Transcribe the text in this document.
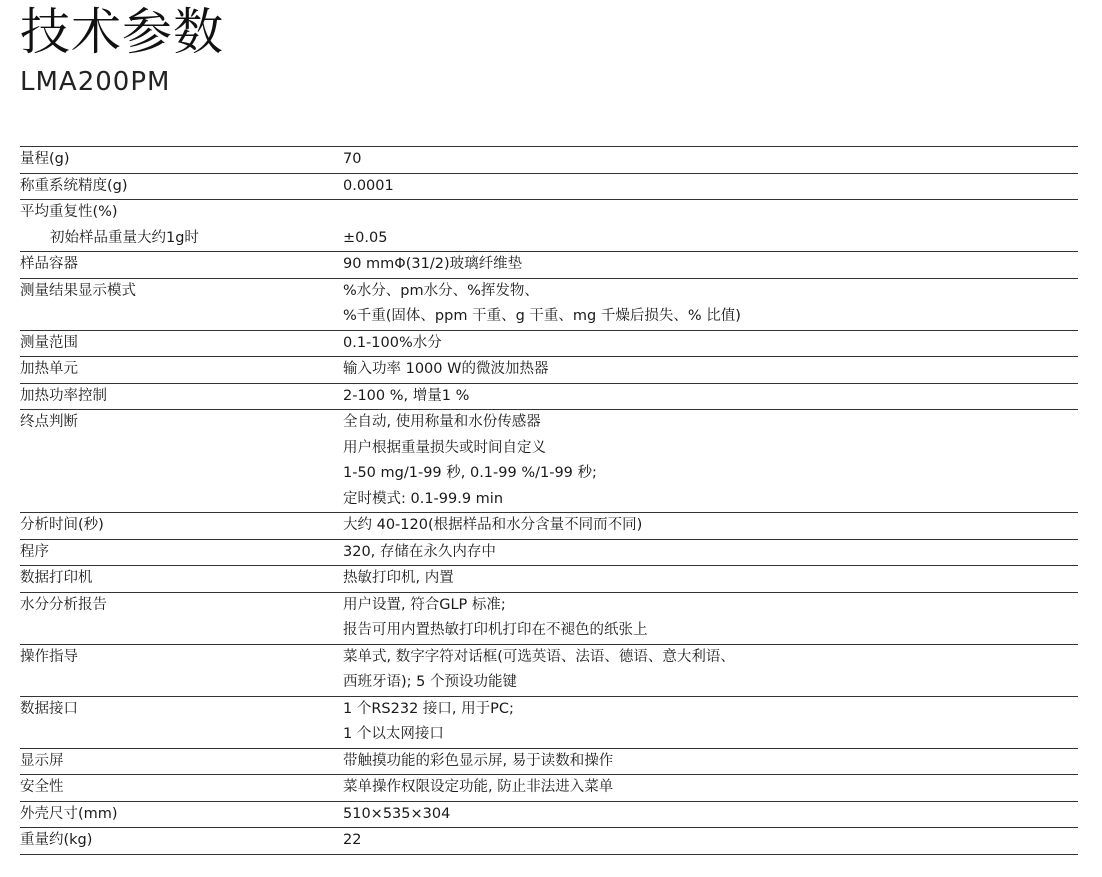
技术参数
LMA200PM
量程(g)	70
称重系统精度(g)	0.0001
平均重复性(%)
初始样品重量大约1g时	±0.05
样品容器	90 mmΦ(31/2)玻璃纤维垫
测量结果显示模式	%水分、pm水分、%挥发物、
%千重(固体、ppm 干重、g 干重、mg 千燥后损失、% 比值)
测量范围	0.1-100%水分
加热单元	输入功率 1000 W的微波加热器
加热功率控制	2-100 %, 增量1 %
终点判断	全自动, 使用称量和水份传感器
用户根据重量损失或时间自定义
1-50 mg/1-99 秒, 0.1-99 %/1-99 秒;
定时模式: 0.1-99.9 min
分析时间(秒)	大约 40-120(根据样品和水分含量不同而不同)
程序	320, 存储在永久内存中
数据打印机	热敏打印机, 内置
水分分析报告	用户设置, 符合GLP 标准;
报告可用内置热敏打印机打印在不褪色的纸张上
操作指导	菜单式, 数字字符对话框(可选英语、法语、德语、意大利语、
西班牙语); 5 个预设功能键
数据接口	1 个RS232 接口, 用于PC;
1 个以太网接口
显示屏	带触摸功能的彩色显示屏, 易于读数和操作
安全性	菜单操作权限设定功能, 防止非法进入菜单
外壳尺寸(mm)	510×535×304
重量约(kg)	22
